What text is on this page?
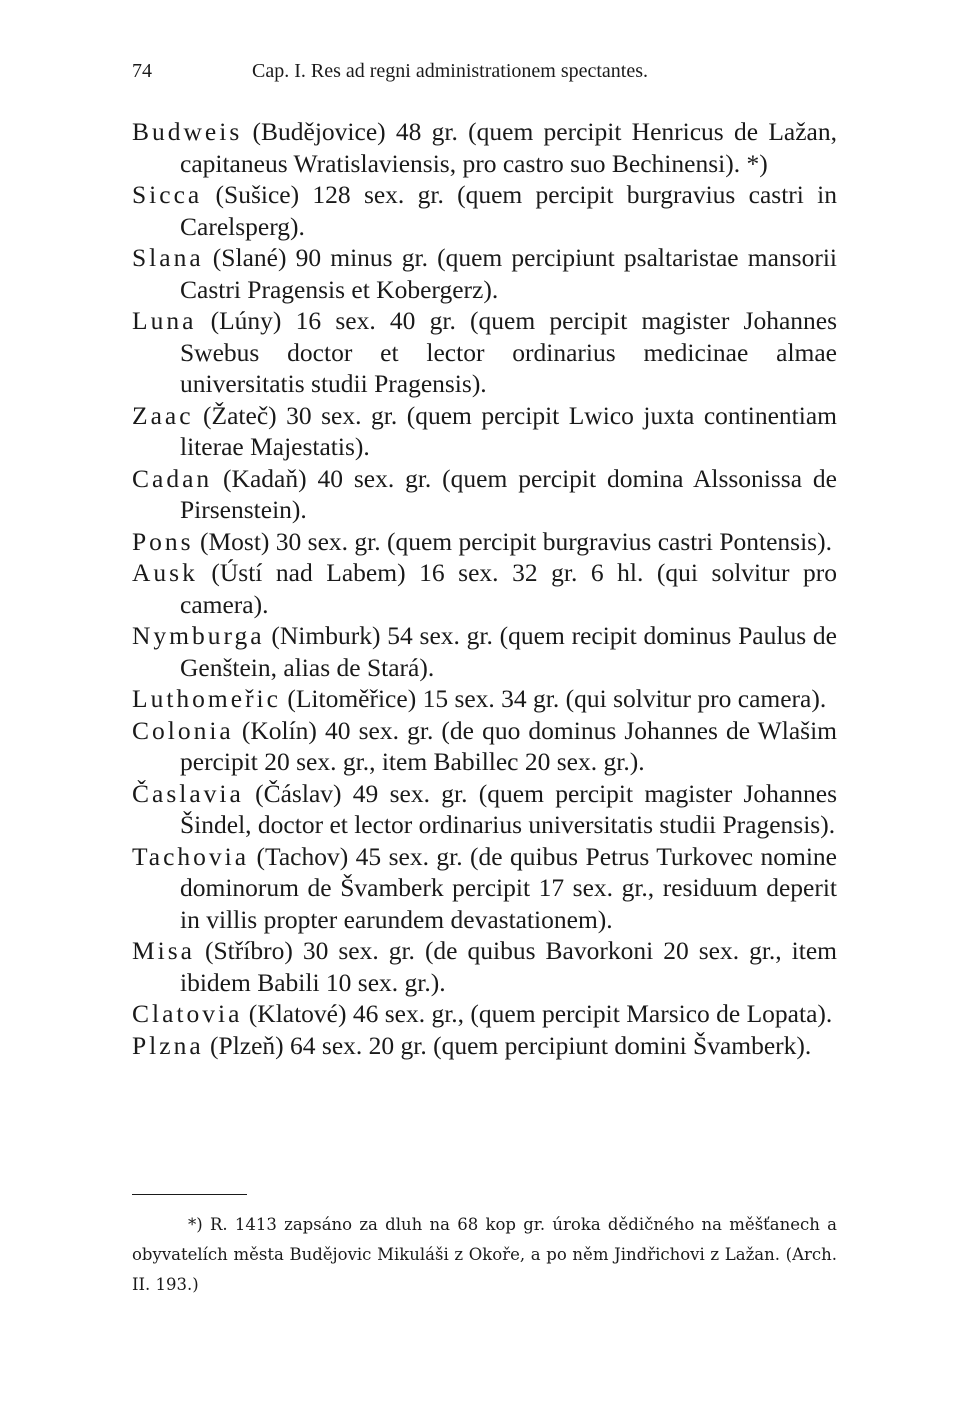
74	Cap. I. Res ad regni administrationem spectantes.

Budweis (Budějovice) 48 gr. (quem percipit Henricus de Lažan, capitaneus Wratislaviensis, pro castro suo Bechinensi). *)

Sicca (Sušice) 128 sex. gr. (quem percipit burgravius castri in Carelsperg).

Slana (Slané) 90 minus gr. (quem percipiunt psaltaristae mansorii Castri Pragensis et Kobergerz).

Luna (Lúny) 16 sex. 40 gr. (quem percipit magister Johannes Swebus doctor et lector ordinarius medicinae almae universitatis studii Pragensis).

Zaac (Žateč) 30 sex. gr. (quem percipit Lwico juxta continentiam literae Majestatis).

Cadan (Kadaň) 40 sex. gr. (quem percipit domina Alssonissa de Pirsenstein).

Pons (Most) 30 sex. gr. (quem percipit burgravius castri Pontensis).

Ausk (Ústí nad Labem) 16 sex. 32 gr. 6 hl. (qui solvitur pro camera).

Nymburga (Nimburk) 54 sex. gr. (quem recipit dominus Paulus de Genštein, alias de Stará).

Luthomeřic (Litoměřice) 15 sex. 34 gr. (qui solvitur pro camera).

Colonia (Kolín) 40 sex. gr. (de quo dominus Johannes de Wlašim percipit 20 sex. gr., item Babillec 20 sex. gr.).

Časlavia (Čáslav) 49 sex. gr. (quem percipit magister Johannes Šindel, doctor et lector ordinarius universitatis studii Pragensis).

Tachovia (Tachov) 45 sex. gr. (de quibus Petrus Turkovec nomine dominorum de Švamberk percipit 17 sex. gr., residuum deperit in villis propter earundem devastationem).

Misa (Stříbro) 30 sex. gr. (de quibus Bavorkoni 20 sex. gr., item ibidem Babili 10 sex. gr.).

Clatovia (Klatové) 46 sex. gr., (quem percipit Marsico de Lopata).

Plzna (Plzeň) 64 sex. 20 gr. (quem percipiunt domini Švamberk).

*) R. 1413 zapsáno za dluh na 68 kop gr. úroka dědičného na měšťanech a obyvatelích města Budějovic Mikuláši z Okoře, a po něm Jindřichovi z Lažan. (Arch. II. 193.)
